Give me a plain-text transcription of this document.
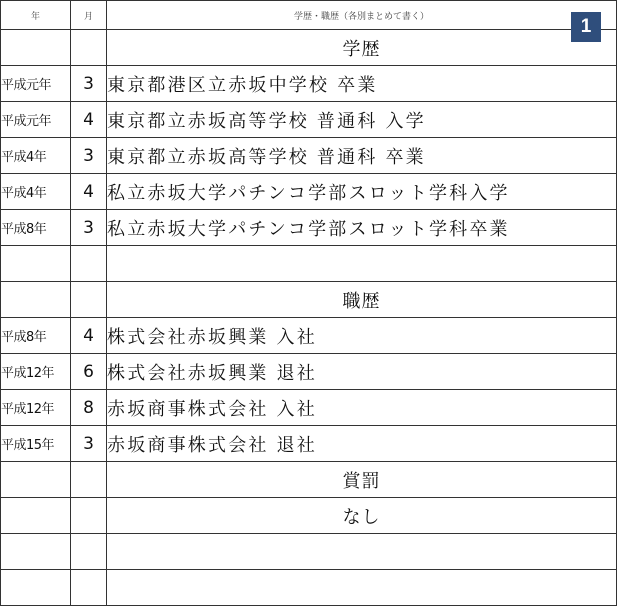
年	月	学歴・職歴（各別まとめて書く）
		学歴
平成元年	3	東京都港区立赤坂中学校 卒業
平成元年	4	東京都立赤坂高等学校 普通科 入学
平成4年	3	東京都立赤坂高等学校 普通科 卒業
平成4年	4	私立赤坂大学パチンコ学部スロット学科入学
平成8年	3	私立赤坂大学パチンコ学部スロット学科卒業

		職歴
平成8年	4	株式会社赤坂興業 入社
平成12年	6	株式会社赤坂興業 退社
平成12年	8	赤坂商事株式会社 入社
平成15年	3	赤坂商事株式会社 退社
		賞罰
		なし

1
